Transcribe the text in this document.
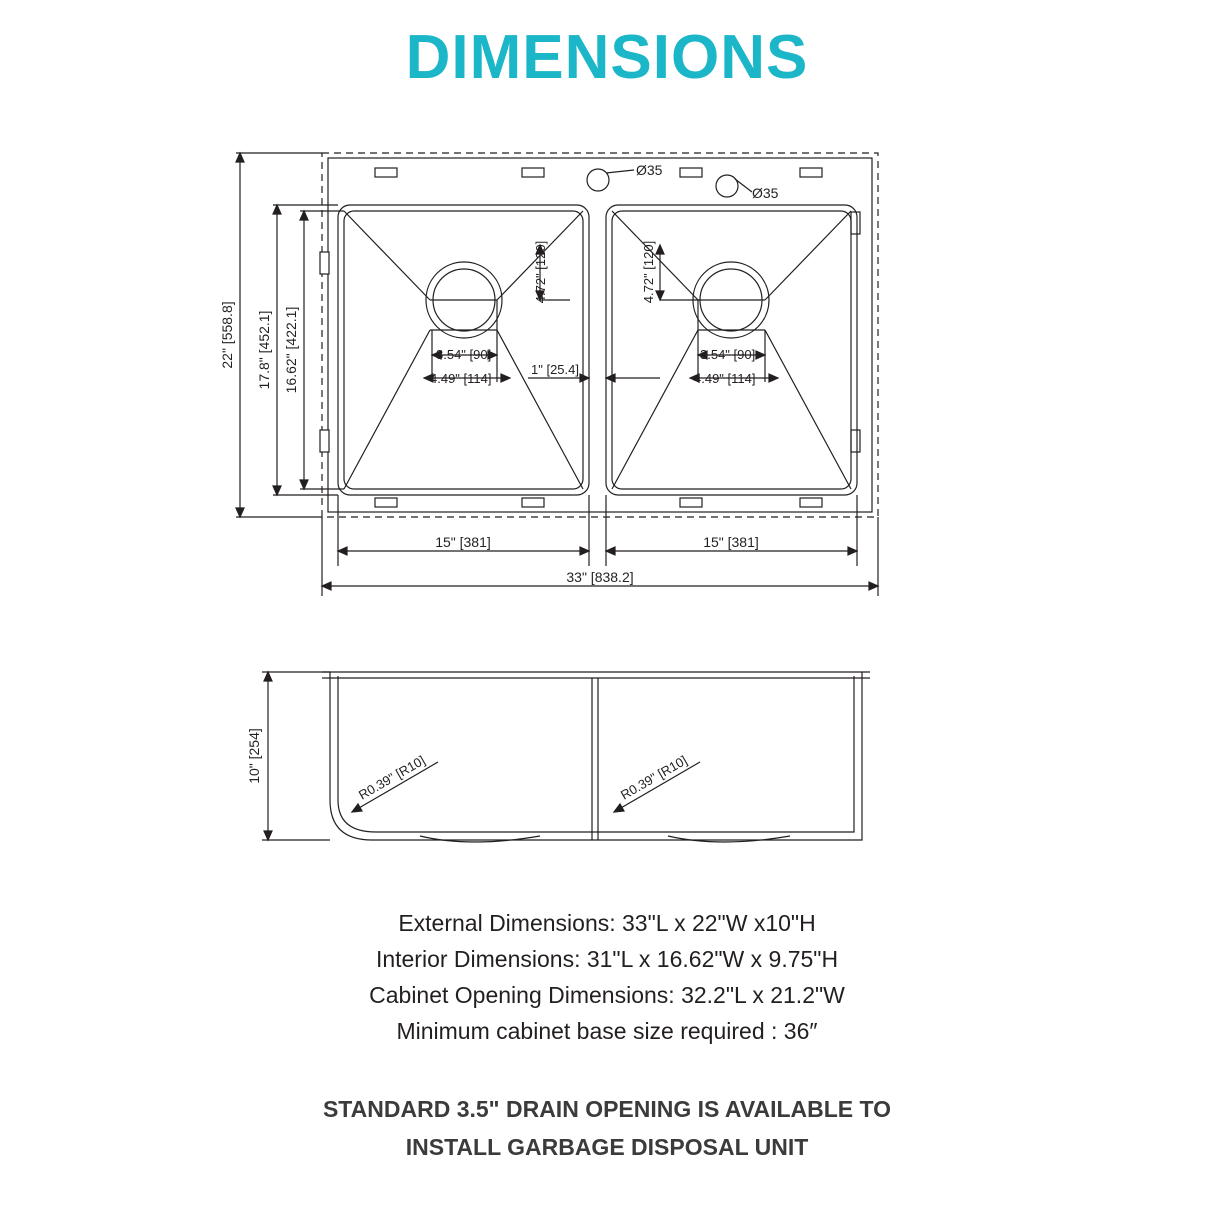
DIMENSIONS
22" [558.8] 17.8" [452.1] 16.62" [422.1]
Ø35
Ø35
4.72" [120]	4.72" [120]
3.54" [90]
4.49" [114]
3.54" [90]
4.49" [114]
1" [25.4]
15" [381]	15" [381]
33" [838.2]
10" [254]	R0.39" [R10]	R0.39" [R10]
External Dimensions: 33"L x 22"W x10"H
Interior Dimensions: 31"L x 16.62"W x 9.75"H
Cabinet Opening Dimensions: 32.2"L x 21.2"W
Minimum cabinet base size required : 36″
STANDARD 3.5" DRAIN OPENING IS AVAILABLE TO
INSTALL GARBAGE DISPOSAL UNIT
